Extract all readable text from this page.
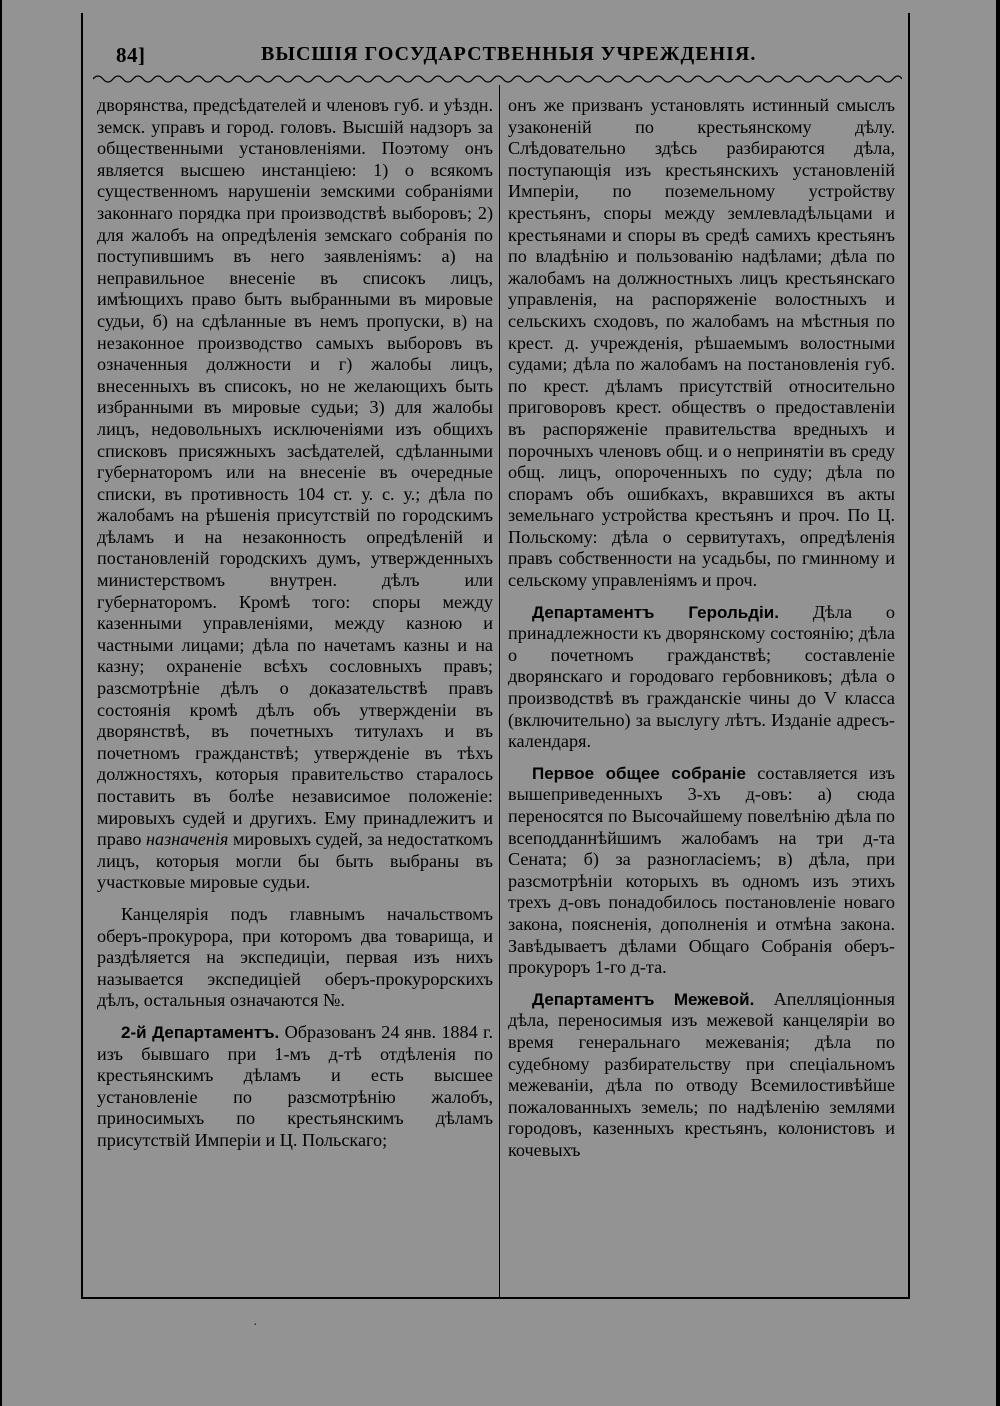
84]	ВЫСШІЯ ГОСУДАРСТВЕННЫЯ УЧРЕЖДЕНІЯ.

дворянства, предсѣдателей и членовъ губ. и уѣздн. земск. управъ и город. головъ. Высшій надзоръ за общественными установленіями. Поэтому онъ является высшею инстанціею: 1) о всякомъ существенномъ нарушеніи земскими собраніями законнаго порядка при производствѣ выборовъ; 2) для жалобъ на опредѣленія земскаго собранія по поступившимъ въ него заявленіямъ: а) на неправильное внесеніе въ списокъ лицъ, имѣющихъ право быть выбранными въ мировые судьи, б) на сдѣланные въ немъ пропуски, в) на незаконное производство самыхъ выборовъ въ означенныя должности и г) жалобы лицъ, внесенныхъ въ списокъ, но не желающихъ быть избранными въ мировые судьи; 3) для жалобы лицъ, недовольныхъ исключеніями изъ общихъ списковъ присяжныхъ засѣдателей, сдѣланными губернаторомъ или на внесеніе въ очередные списки, въ противность 104 ст. у. с. у.; дѣла по жалобамъ на рѣшенія присутствій по городскимъ дѣламъ и на незаконность опредѣленій и постановленій городскихъ думъ, утвержденныхъ министерствомъ внутрен. дѣлъ или губернаторомъ. Кромѣ того: споры между казенными управленіями, между казною и частными лицами; дѣла по начетамъ казны и на казну; охраненіе всѣхъ сословныхъ правъ; разсмотрѣніе дѣлъ о доказательствѣ правъ состоянія кромѣ дѣлъ объ утвержденіи въ дворянствѣ, въ почетныхъ титулахъ и въ почетномъ гражданствѣ; утвержденіе въ тѣхъ должностяхъ, которыя правительство старалось поставить въ болѣе независимое положеніе: мировыхъ судей и другихъ. Ему принадлежитъ и право назначенія мировыхъ судей, за недостаткомъ лицъ, которыя могли бы быть выбраны въ участковые мировые судьи.

Канцелярія подъ главнымъ начальствомъ оберъ-прокурора, при которомъ два товарища, и раздѣляется на экспедиціи, первая изъ нихъ называется экспедиціей оберъ-прокурорскихъ дѣлъ, остальныя означаются №.

2-й Департаментъ. Образованъ 24 янв. 1884 г. изъ бывшаго при 1-мъ д-тѣ отдѣленія по крестьянскимъ дѣламъ и есть высшее установленіе по разсмотрѣнію жалобъ, приносимыхъ по крестьянскимъ дѣламъ присутствій Имперіи и Ц. Польскаго;

онъ же призванъ установлять истинный смыслъ узаконеній по крестьянскому дѣлу. Слѣдовательно здѣсь разбираются дѣла, поступающія изъ крестьянскихъ установленій Имперіи, по поземельному устройству крестьянъ, споры между землевладѣльцами и крестьянами и споры въ средѣ самихъ крестьянъ по владѣнію и пользованію надѣлами; дѣла по жалобамъ на должностныхъ лицъ крестьянскаго управленія, на распоряженіе волостныхъ и сельскихъ сходовъ, по жалобамъ на мѣстныя по крест. д. учрежденія, рѣшаемымъ волостными судами; дѣла по жалобамъ на постановленія губ. по крест. дѣламъ присутствій относительно приговоровъ крест. обществъ о предоставленіи въ распоряженіе правительства вредныхъ и порочныхъ членовъ общ. и о непринятіи въ среду общ. лицъ, опороченныхъ по суду; дѣла по спорамъ объ ошибкахъ, вкравшихся въ акты земельнаго устройства крестьянъ и проч. По Ц. Польскому: дѣла о сервитутахъ, опредѣленія правъ собственности на усадьбы, по гминному и сельскому управленіямъ и проч.

Департаментъ Герольдіи. Дѣла о принадлежности къ дворянскому состоянію; дѣла о почетномъ гражданствѣ; составленіе дворянскаго и городоваго гербовниковъ; дѣла о производствѣ въ гражданскіе чины до V класса (включительно) за выслугу лѣтъ. Изданіе адресъ-календаря.

Первое общее собраніе составляется изъ вышеприведенныхъ 3-хъ д-овъ: а) сюда переносятся по Высочайшему повелѣнію дѣла по всеподданнѣйшимъ жалобамъ на три д-та Сената; б) за разногласіемъ; в) дѣла, при разсмотрѣніи которыхъ въ одномъ изъ этихъ трехъ д-овъ понадобилось постановленіе новаго закона, поясненія, дополненія и отмѣна закона. Завѣдываетъ дѣлами Общаго Собранія оберъ-прокуроръ 1-го д-та.

Департаментъ Межевой. Апелляціонныя дѣла, переносимыя изъ межевой канцеляріи во время генеральнаго межеванія; дѣла по судебному разбирательству при спеціальномъ межеваніи, дѣла по отводу Всемилостивѣйше пожалованныхъ земель; по надѣленію землями городовъ, казенныхъ крестьянъ, колонистовъ и кочевыхъ

·
